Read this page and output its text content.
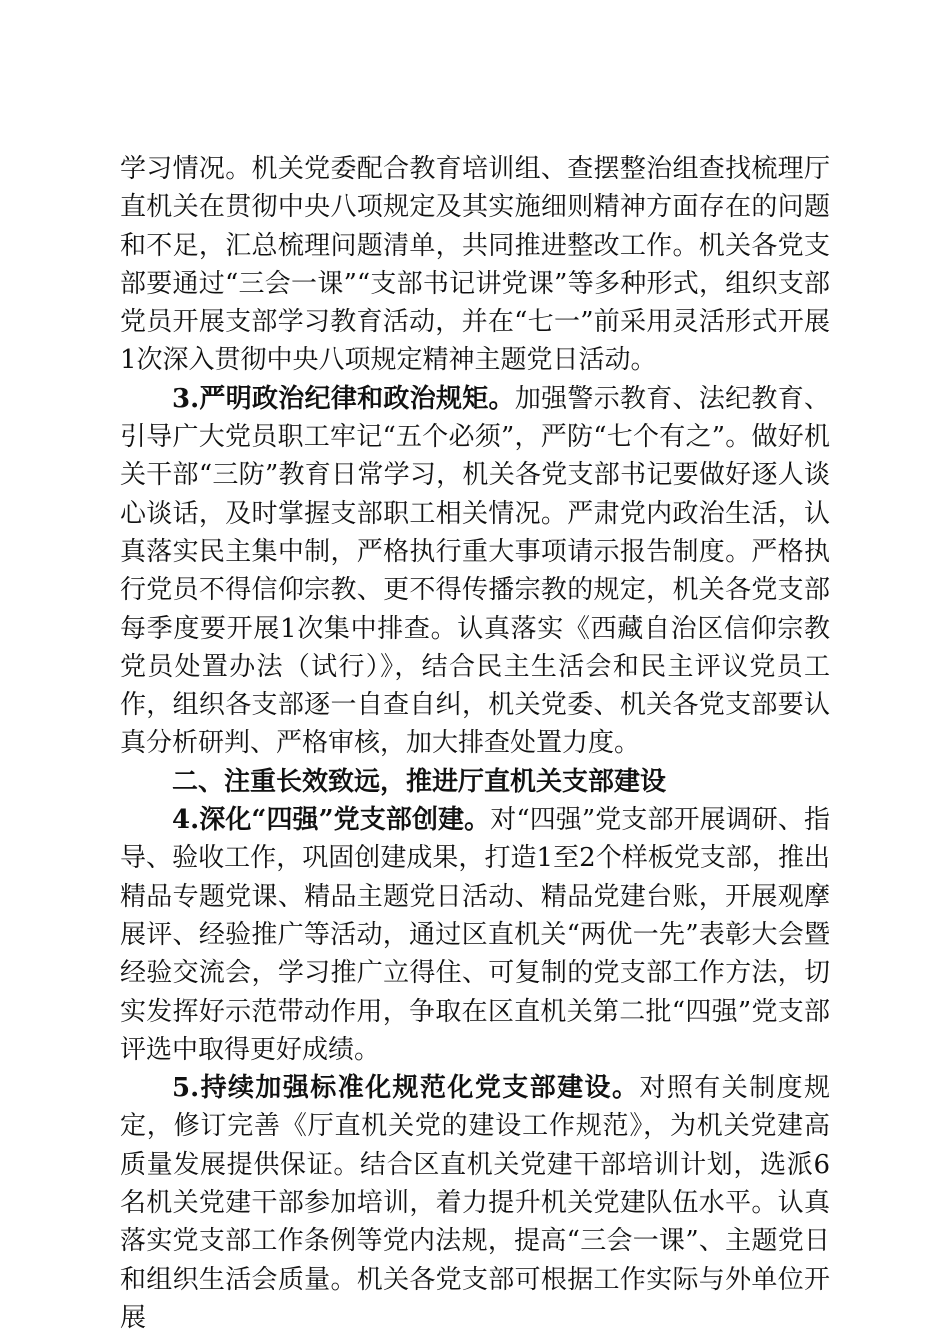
学习情况。机关党委配合教育培训组、查摆整治组查找梳理厅直机关在贯彻中央八项规定及其实施细则精神方面存在的问题和不足，汇总梳理问题清单，共同推进整改工作。机关各党支部要通过“三会一课”“支部书记讲党课”等多种形式，组织支部党员开展支部学习教育活动，并在“七一”前采用灵活形式开展1次深入贯彻中央八项规定精神主题党日活动。

3.严明政治纪律和政治规矩。加强警示教育、法纪教育、引导广大党员职工牢记“五个必须”，严防“七个有之”。做好机关干部“三防”教育日常学习，机关各党支部书记要做好逐人谈心谈话，及时掌握支部职工相关情况。严肃党内政治生活，认真落实民主集中制，严格执行重大事项请示报告制度。严格执行党员不得信仰宗教、更不得传播宗教的规定，机关各党支部每季度要开展1次集中排查。认真落实《西藏自治区信仰宗教党员处置办法（试行）》，结合民主生活会和民主评议党员工作，组织各支部逐一自查自纠，机关党委、机关各党支部要认真分析研判、严格审核，加大排查处置力度。

二、注重长效致远，推进厅直机关支部建设

4.深化“四强”党支部创建。对“四强”党支部开展调研、指导、验收工作，巩固创建成果，打造1至2个样板党支部，推出精品专题党课、精品主题党日活动、精品党建台账，开展观摩展评、经验推广等活动，通过区直机关“两优一先”表彰大会暨经验交流会，学习推广立得住、可复制的党支部工作方法，切实发挥好示范带动作用，争取在区直机关第二批“四强”党支部评选中取得更好成绩。

5.持续加强标准化规范化党支部建设。对照有关制度规定，修订完善《厅直机关党的建设工作规范》，为机关党建高质量发展提供保证。结合区直机关党建干部培训计划，选派6名机关党建干部参加培训，着力提升机关党建队伍水平。认真落实党支部工作条例等党内法规，提高“三会一课”、主题党日和组织生活会质量。机关各党支部可根据工作实际与外单位开展
